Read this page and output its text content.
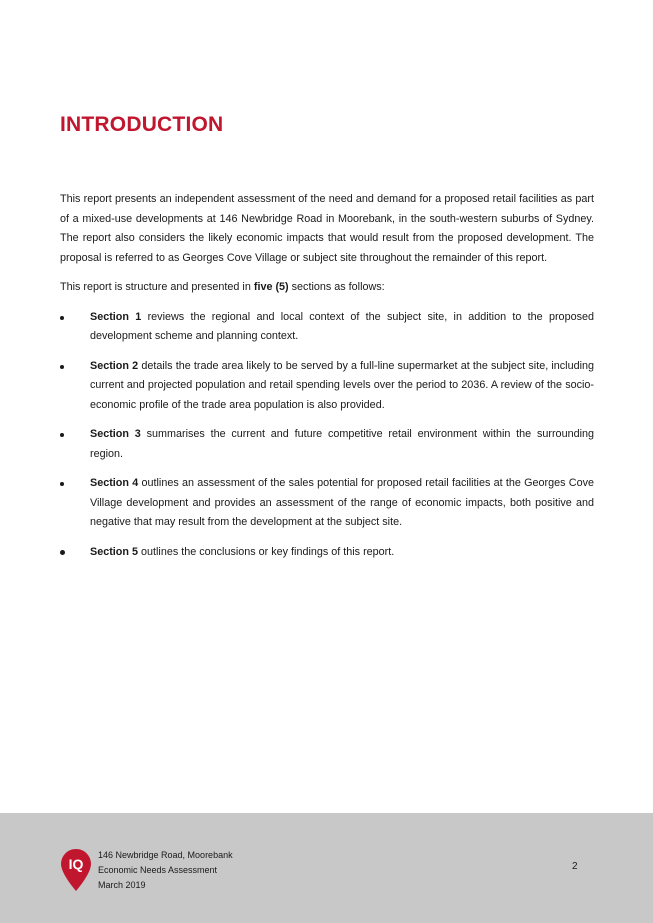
INTRODUCTION

This report presents an independent assessment of the need and demand for a proposed retail facilities as part of a mixed-use developments at 146 Newbridge Road in Moorebank, in the south-western suburbs of Sydney. The report also considers the likely economic impacts that would result from the proposed development. The proposal is referred to as Georges Cove Village or subject site throughout the remainder of this report.

This report is structure and presented in five (5) sections as follows:

Section 1 reviews the regional and local context of the subject site, in addition to the proposed development scheme and planning context.
Section 2 details the trade area likely to be served by a full-line supermarket at the subject site, including current and projected population and retail spending levels over the period to 2036. A review of the socio-economic profile of the trade area population is also provided.
Section 3 summarises the current and future competitive retail environment within the surrounding region.
Section 4 outlines an assessment of the sales potential for proposed retail facilities at the Georges Cove Village development and provides an assessment of the range of economic impacts, both positive and negative that may result from the development at the subject site.
Section 5 outlines the conclusions or key findings of this report.
IQ
146 Newbridge Road, Moorebank
Economic Needs Assessment
March 2019
2
